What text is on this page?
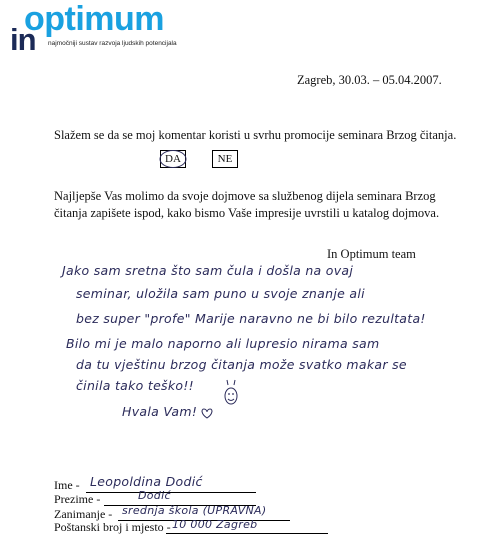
optimum
in najmočniji sustav razvoja ljudskih potencijala
Zagreb, 30.03. – 05.04.2007.
Slažem se da se moj komentar koristi u svrhu promocije seminara Brzog čitanja.
DA	NE
Najljepše Vas molimo da svoje dojmove sa službenog dijela seminara Brzog
čitanja zapišete ispod, kako bismo Vaše impresije uvrstili u katalog dojmova.
In Optimum team
Jako sam sretna što sam čula i došla na ovaj
seminar, uložila sam puno u svoje znanje ali
bez super "profe" Marije naravno ne bi bilo rezultata!
Bilo mi je malo naporno ali lupresio nirama sam
da tu vještinu brzog čitanja može svatko makar se
činila tako teško!!
Hvala Vam!
Ime - Leopoldina Dodić
Prezime -	Dodić
Zanimanje - srednja škola (UPRAVNA)
Poštanski broj i mjesto - 10 000 Zagreb
